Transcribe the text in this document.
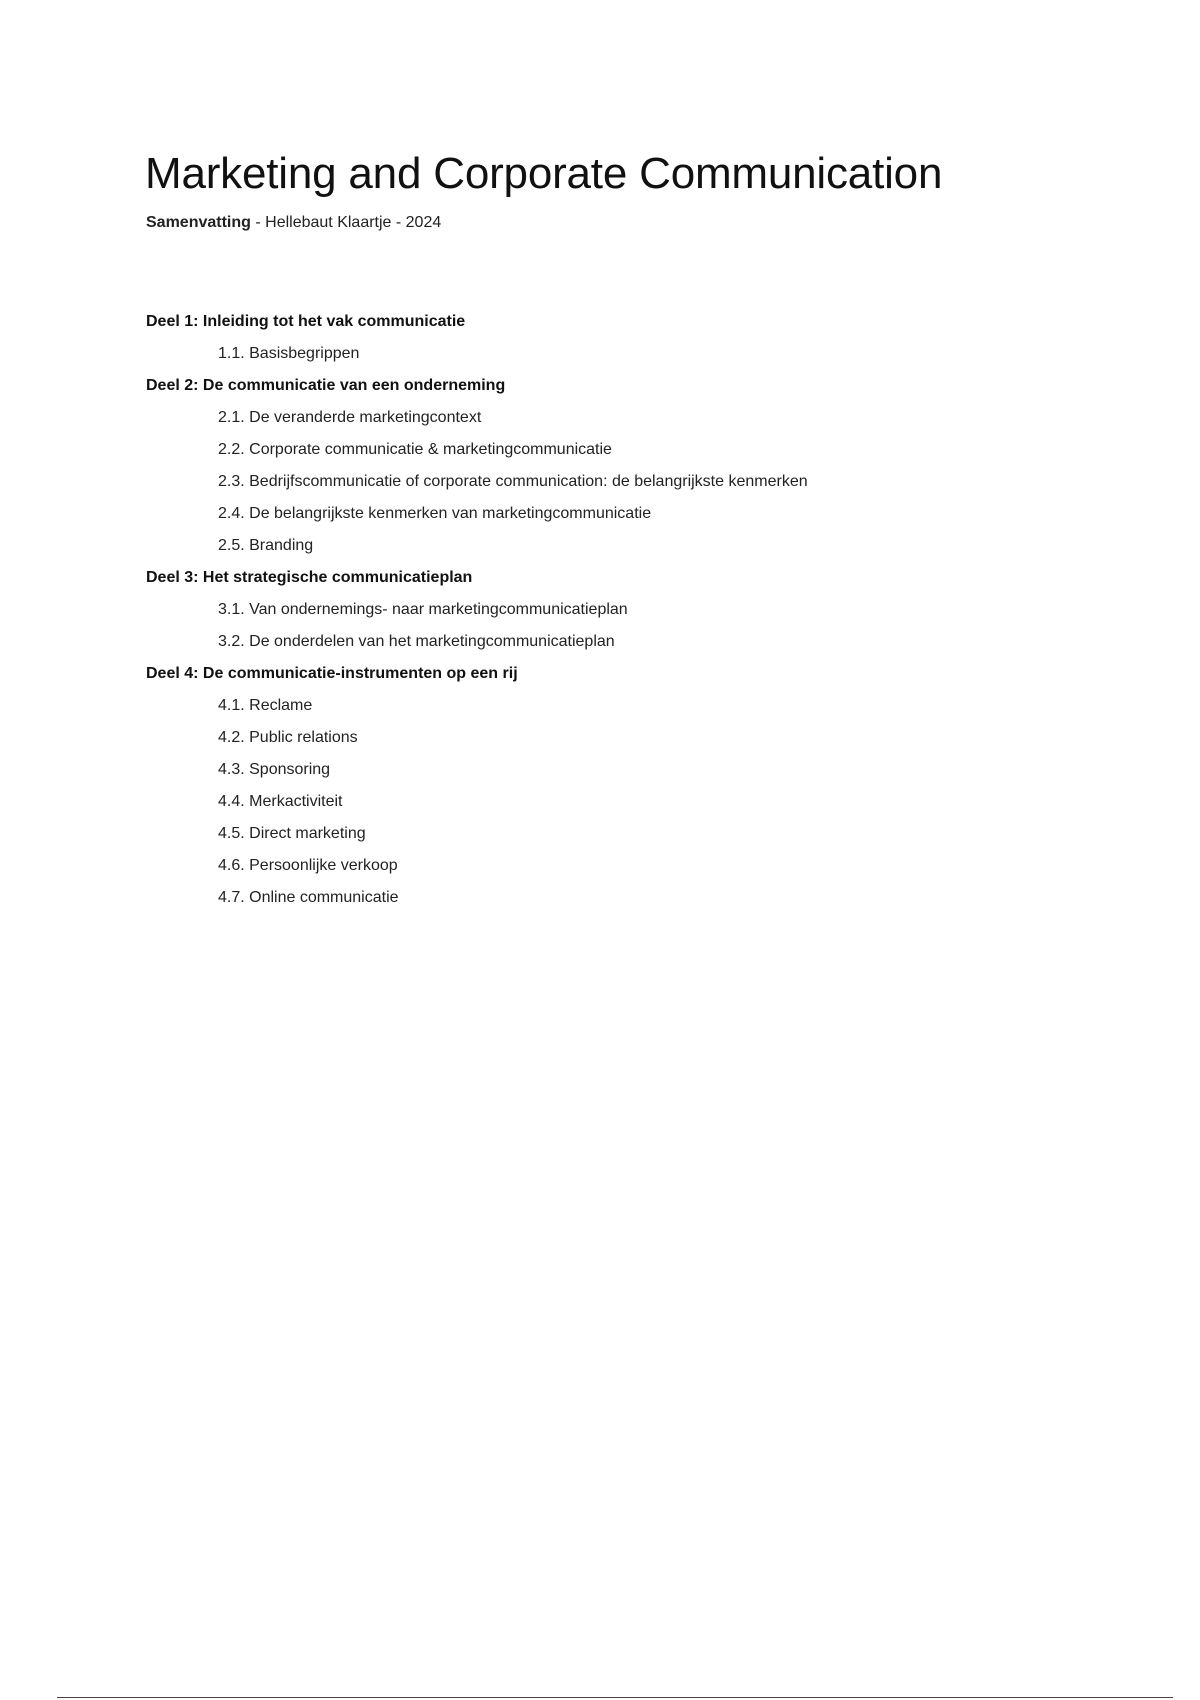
Marketing and Corporate Communication
Samenvatting - Hellebaut Klaartje - 2024
Deel 1: Inleiding tot het vak communicatie
1.1. Basisbegrippen
Deel 2: De communicatie van een onderneming
2.1. De veranderde marketingcontext
2.2. Corporate communicatie & marketingcommunicatie
2.3. Bedrijfscommunicatie of corporate communication: de belangrijkste kenmerken
2.4. De belangrijkste kenmerken van marketingcommunicatie
2.5. Branding
Deel 3: Het strategische communicatieplan
3.1. Van ondernemings- naar marketingcommunicatieplan
3.2. De onderdelen van het marketingcommunicatieplan
Deel 4: De communicatie-instrumenten op een rij
4.1. Reclame
4.2. Public relations
4.3. Sponsoring
4.4. Merkactiviteit
4.5. Direct marketing
4.6. Persoonlijke verkoop
4.7. Online communicatie
